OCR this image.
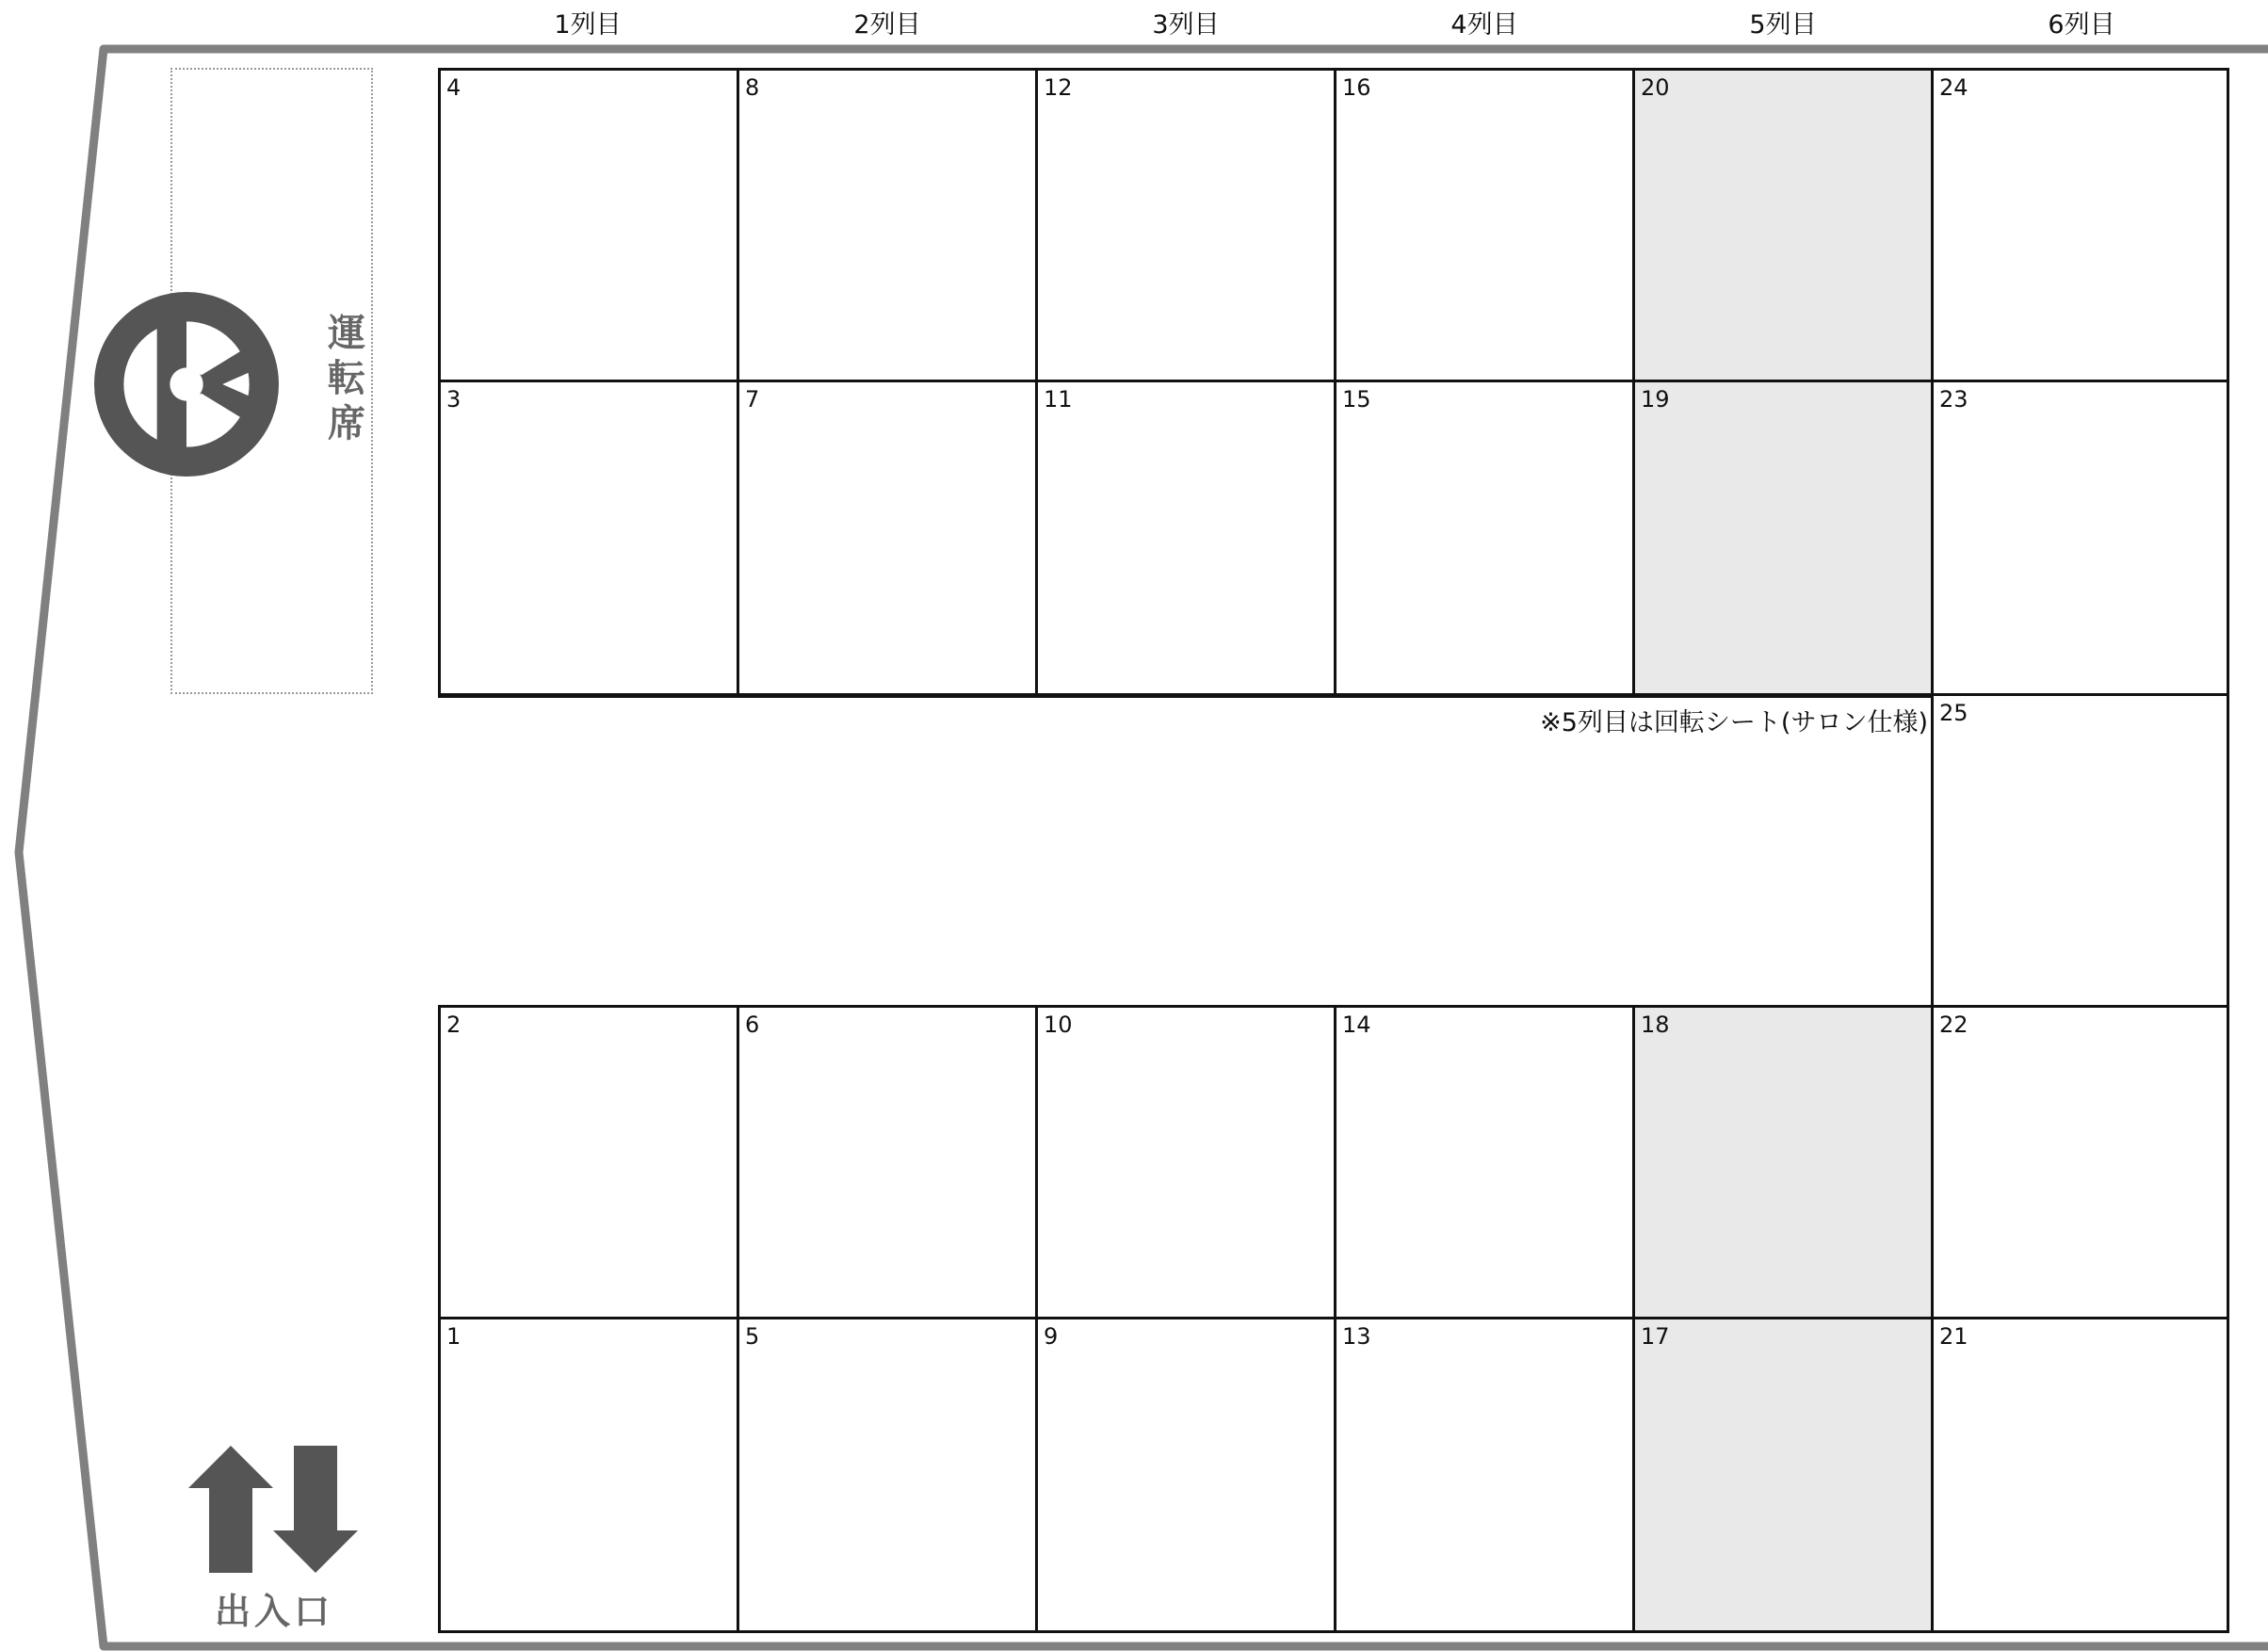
1列目	2列目	3列目	4列目	5列目	6列目
運
転
席
4	8	12	16	20	24
3	7	11	15	19	23
※5列目は回転シート(サロン仕様) 25
2	6	10	14	18	22
1	5	9	13	17	21
出入口
